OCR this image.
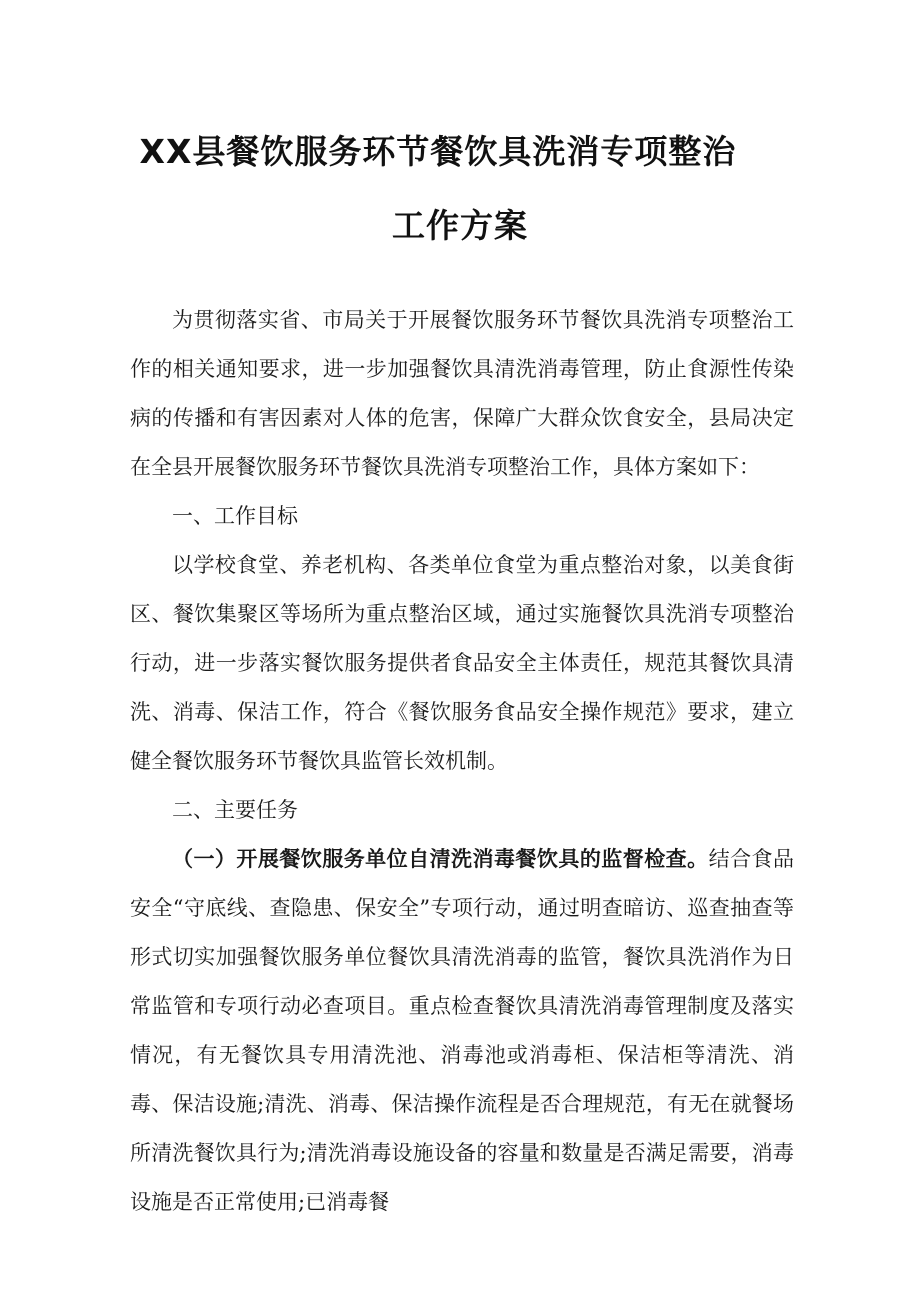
XX县餐饮服务环节餐饮具洗消专项整治
工作方案

为贯彻落实省、市局关于开展餐饮服务环节餐饮具洗消专项整治工作的相关通知要求，进一步加强餐饮具清洗消毒管理，防止食源性传染病的传播和有害因素对人体的危害，保障广大群众饮食安全，县局决定在全县开展餐饮服务环节餐饮具洗消专项整治工作，具体方案如下：

一、工作目标

以学校食堂、养老机构、各类单位食堂为重点整治对象，以美食街区、餐饮集聚区等场所为重点整治区域，通过实施餐饮具洗消专项整治行动，进一步落实餐饮服务提供者食品安全主体责任，规范其餐饮具清洗、消毒、保洁工作，符合《餐饮服务食品安全操作规范》要求，建立健全餐饮服务环节餐饮具监管长效机制。

二、主要任务

（一）开展餐饮服务单位自清洗消毒餐饮具的监督检查。结合食品安全“守底线、查隐患、保安全”专项行动，通过明查暗访、巡查抽查等形式切实加强餐饮服务单位餐饮具清洗消毒的监管，餐饮具洗消作为日常监管和专项行动必查项目。重点检查餐饮具清洗消毒管理制度及落实情况，有无餐饮具专用清洗池、消毒池或消毒柜、保洁柜等清洗、消毒、保洁设施;清洗、消毒、保洁操作流程是否合理规范，有无在就餐场所清洗餐饮具行为;清洗消毒设施设备的容量和数量是否满足需要，消毒设施是否正常使用;已消毒餐
